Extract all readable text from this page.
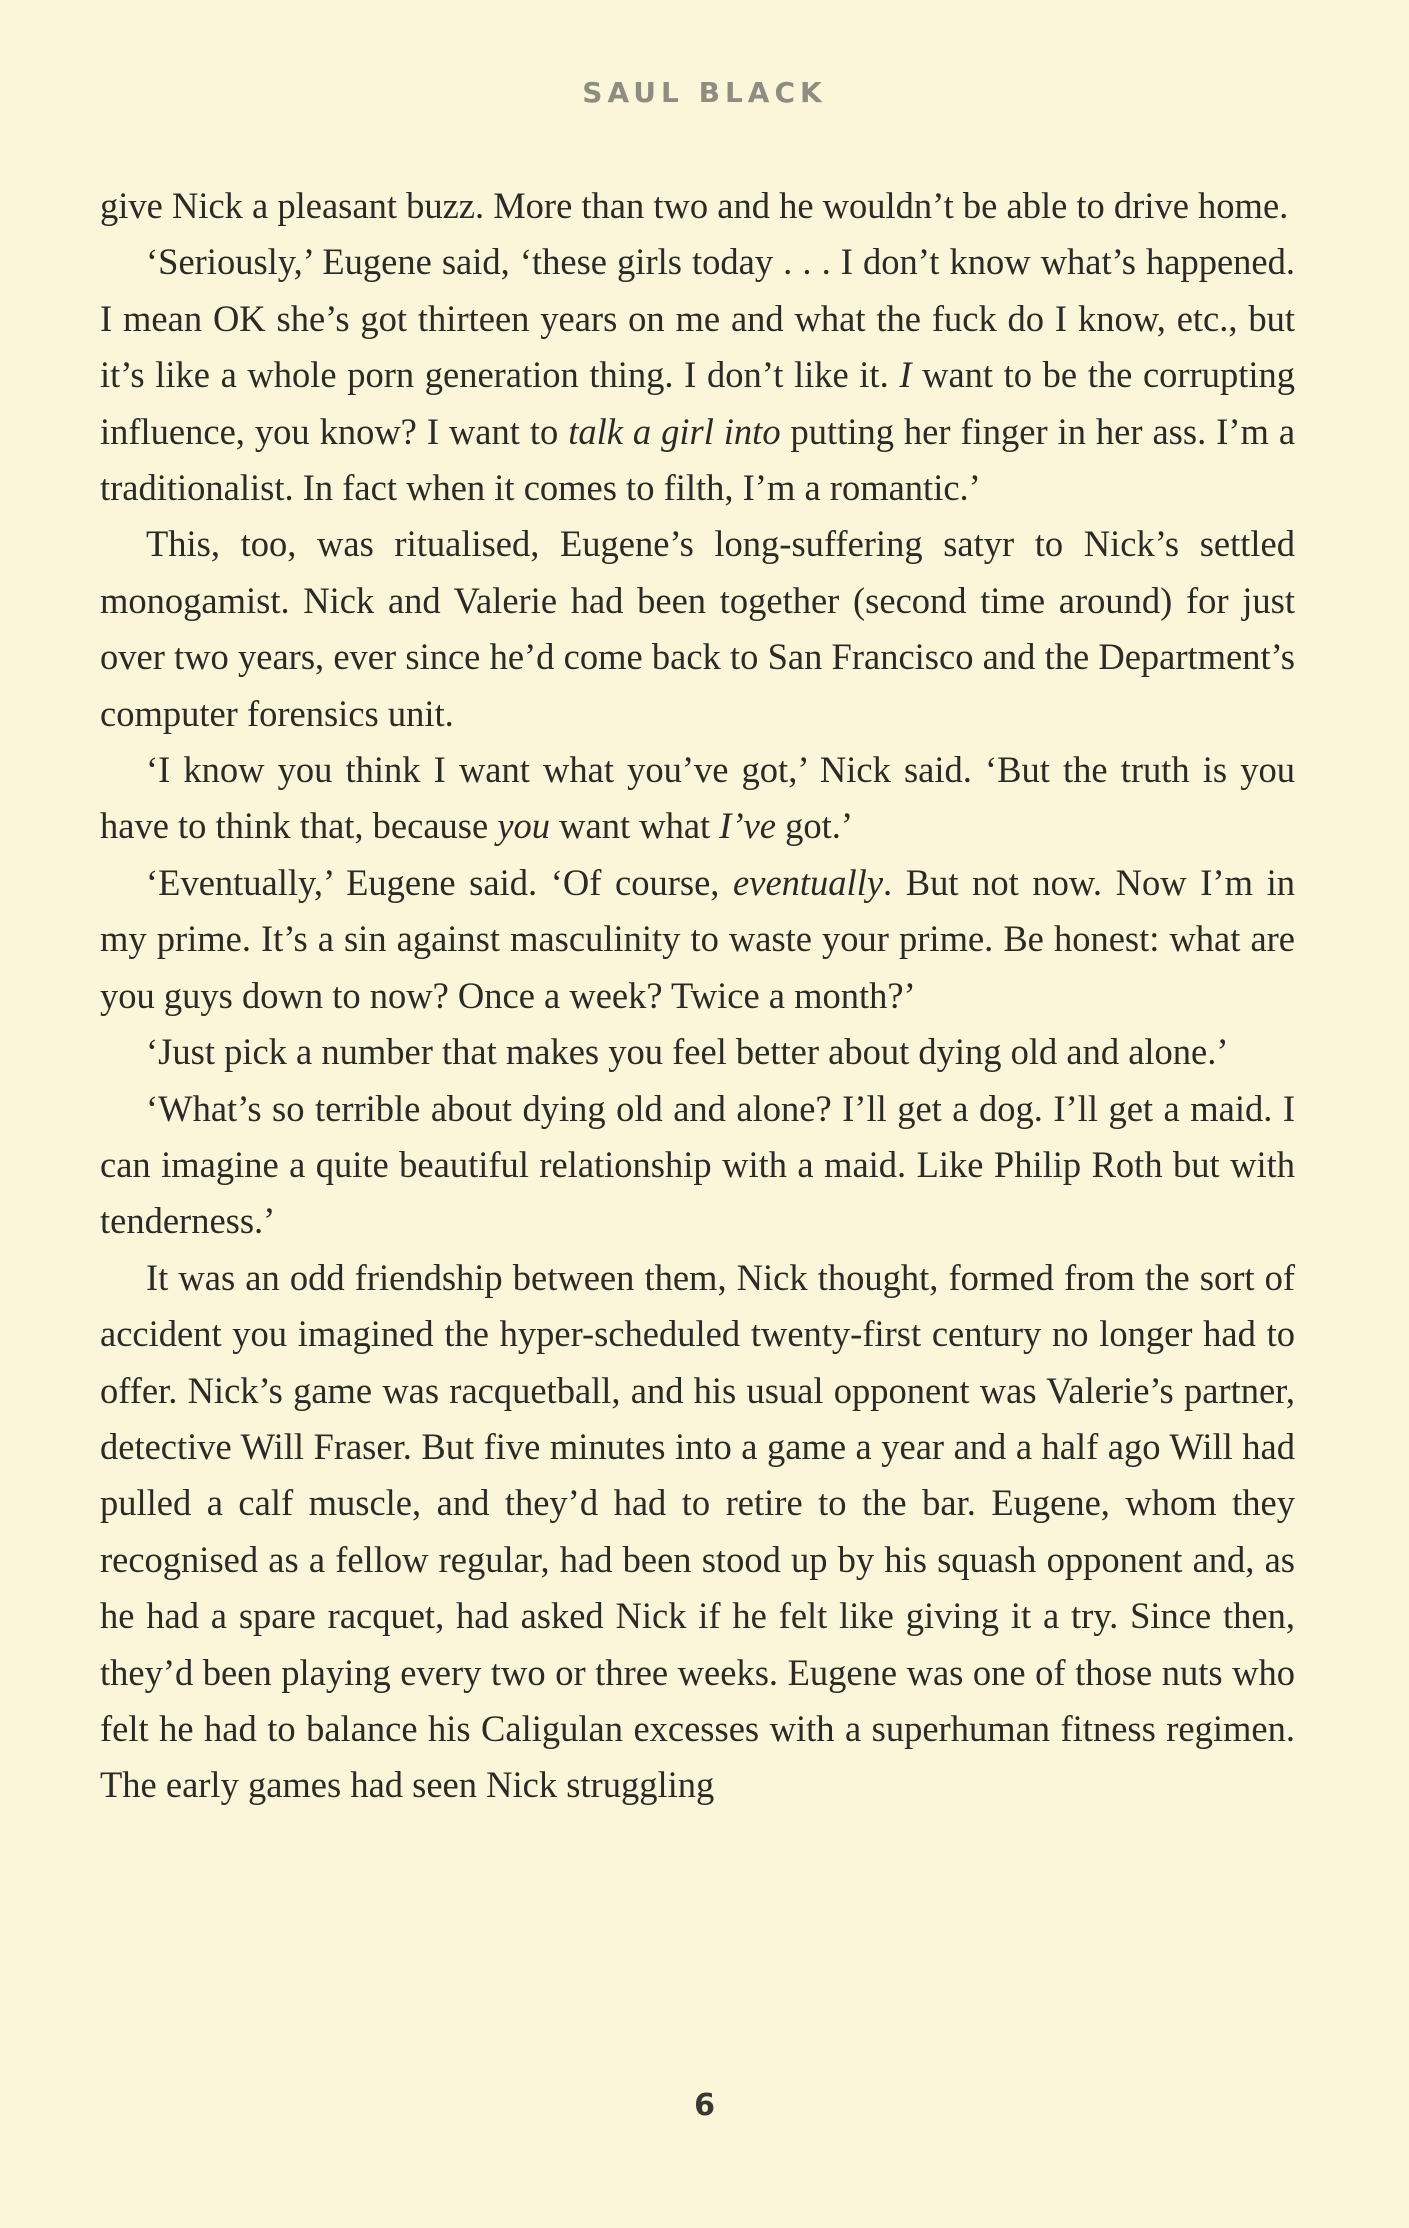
SAUL BLACK

give Nick a pleasant buzz. More than two and he wouldn’t be able to drive home.

‘Seriously,’ Eugene said, ‘these girls today . . . I don’t know what’s happened. I mean OK she’s got thirteen years on me and what the fuck do I know, etc., but it’s like a whole porn generation thing. I don’t like it. I want to be the corrupting influence, you know? I want to talk a girl into putting her finger in her ass. I’m a traditionalist. In fact when it comes to filth, I’m a romantic.’

This, too, was ritualised, Eugene’s long-suffering satyr to Nick’s settled monogamist. Nick and Valerie had been together (second time around) for just over two years, ever since he’d come back to San Francisco and the Department’s computer forensics unit.

‘I know you think I want what you’ve got,’ Nick said. ‘But the truth is you have to think that, because you want what I’ve got.’

‘Eventually,’ Eugene said. ‘Of course, eventually. But not now. Now I’m in my prime. It’s a sin against masculinity to waste your prime. Be honest: what are you guys down to now? Once a week? Twice a month?’

‘Just pick a number that makes you feel better about dying old and alone.’

‘What’s so terrible about dying old and alone? I’ll get a dog. I’ll get a maid. I can imagine a quite beautiful relationship with a maid. Like Philip Roth but with tenderness.’

It was an odd friendship between them, Nick thought, formed from the sort of accident you imagined the hyper-scheduled twenty-first century no longer had to offer. Nick’s game was racquetball, and his usual opponent was Valerie’s partner, detective Will Fraser. But five minutes into a game a year and a half ago Will had pulled a calf muscle, and they’d had to retire to the bar. Eugene, whom they recognised as a fellow regular, had been stood up by his squash opponent and, as he had a spare racquet, had asked Nick if he felt like giving it a try. Since then, they’d been playing every two or three weeks. Eugene was one of those nuts who felt he had to balance his Caligulan excesses with a superhuman fitness regimen. The early games had seen Nick struggling

6
